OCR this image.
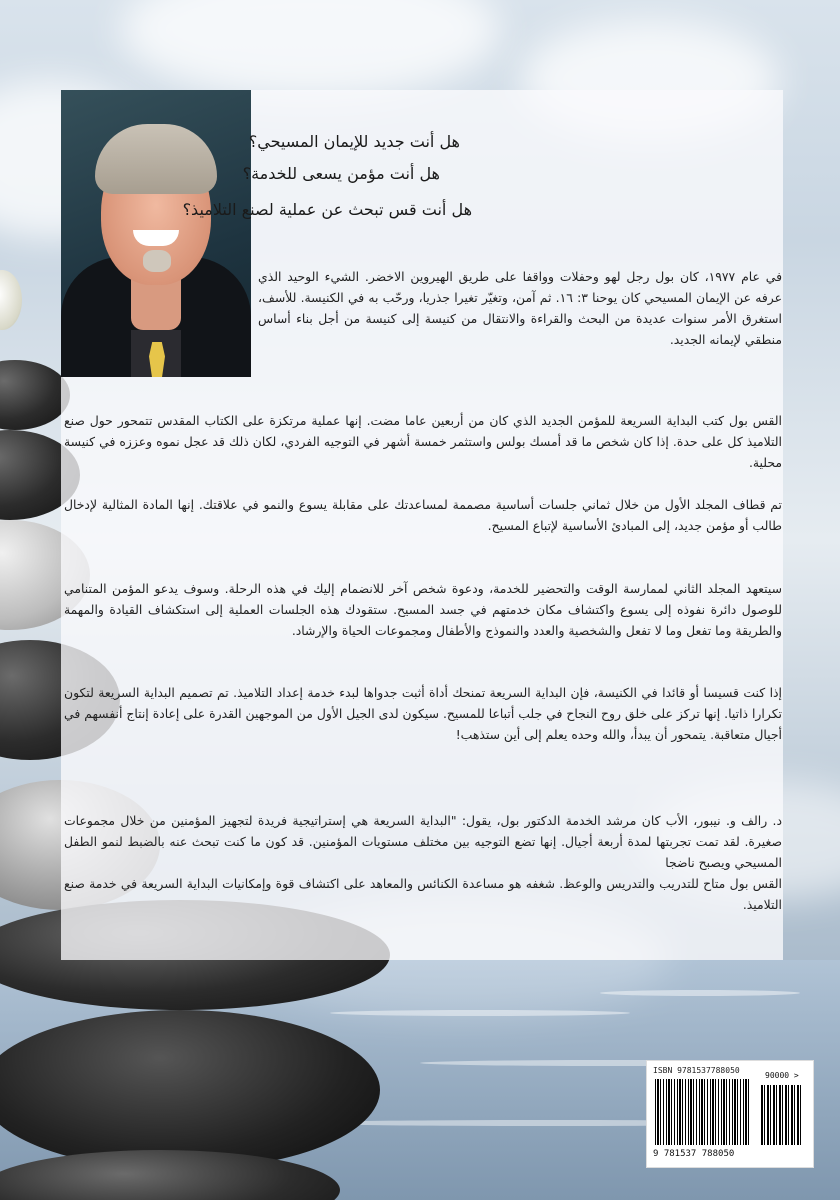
هل أنت جديد للإيمان المسيحي؟
هل أنت مؤمن يسعى للخدمة؟
هل أنت قس تبحث عن عملية لصنع التلاميذ؟
في عام ١٩٧٧، كان بول رجل لهو وحفلات وواقفا على طريق الهيروين الاخضر. الشيء الوحيد الذي عرفه عن الإيمان المسيحي كان يوحنا ٣: ١٦. ثم آمن، وتغيّر تغيرا جذريا، ورحّب به في الكنيسة. للأسف، استغرق الأمر سنوات عديدة من البحث والقراءة والانتقال من كنيسة إلى كنيسة من أجل بناء أساس منطقي لإيمانه الجديد.
القس بول كتب البداية السريعة للمؤمن الجديد الذي كان من أربعين عاما مضت. إنها عملية مرتكزة على الكتاب المقدس تتمحور حول صنع التلاميذ كل على حدة. إذا كان شخص ما قد أمسك بولس واستثمر خمسة أشهر في التوجيه الفردي، لكان ذلك قد عجل نموه وعززه في كنيسة محلية.
تم قطاف المجلد الأول من خلال ثماني جلسات أساسية مصممة لمساعدتك على مقابلة يسوع والنمو في علاقتك. إنها المادة المثالية لإدخال طالب أو مؤمن جديد، إلى المبادئ الأساسية لإتباع المسيح.
سيتعهد المجلد الثاني لممارسة الوقت والتحضير للخدمة، ودعوة شخص آخر للانضمام إليك في هذه الرحلة. وسوف يدعو المؤمن المتنامي للوصول دائرة نفوذه إلى يسوع واكتشاف مكان خدمتهم في جسد المسيح. ستقودك هذه الجلسات العملية إلى استكشاف القيادة والمهمة والطريقة وما تفعل وما لا تفعل والشخصية والعدد والنموذج والأطفال ومجموعات الحياة والإرشاد.
إذا كنت قسيسا أو قائدا في الكنيسة، فإن البداية السريعة تمنحك أداة أثبت جدواها لبدء خدمة إعداد التلاميذ. تم تصميم البداية السريعة لتكون تكرارا ذاتيا. إنها تركز على خلق روح النجاح في جلب أتباعا للمسيح. سيكون لدى الجيل الأول من الموجهين القدرة على إعادة إنتاج أنفسهم في أجيال متعاقبة. يتمحور أن يبدأ، والله وحده يعلم إلى أين ستذهب!
د. رالف و. نيبور، الأب كان مرشد الخدمة الدكتور بول، يقول: "البداية السريعة هي إستراتيجية فريدة لتجهيز المؤمنين من خلال مجموعات صغيرة. لقد تمت تجربتها لمدة أربعة أجيال. إنها تضع التوجيه بين مختلف مستويات المؤمنين. قد كون ما كنت تبحث عنه بالضبط لنمو الطفل المسيحي ويصبح ناضجا
القس بول متاح للتدريب والتدريس والوعظ. شغفه هو مساعدة الكنائس والمعاهد على اكتشاف قوة وإمكانيات البداية السريعة في خدمة صنع التلاميذ.
ISBN 9781537788050
90000 >
9 781537 788050
